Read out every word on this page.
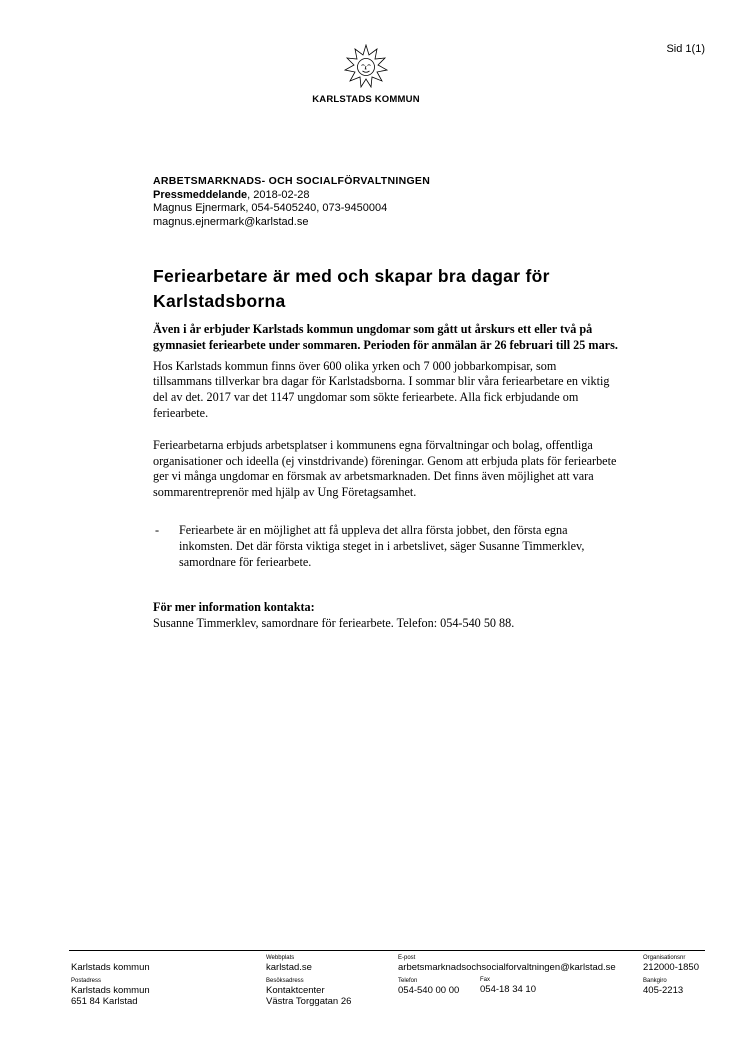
Sid 1(1)
KARLSTADS KOMMUN
ARBETSMARKNADS- OCH SOCIALFÖRVALTNINGEN
Pressmeddelande, 2018-02-28
Magnus Ejnermark, 054-5405240, 073-9450004
magnus.ejnermark@karlstad.se
Feriearbetare är med och skapar bra dagar för Karlstadsborna

Även i år erbjuder Karlstads kommun ungdomar som gått ut årskurs ett eller två på gymnasiet feriearbete under sommaren. Perioden för anmälan är 26 februari till 25 mars.

Hos Karlstads kommun finns över 600 olika yrken och 7 000 jobbarkompisar, som tillsammans tillverkar bra dagar för Karlstadsborna. I sommar blir våra feriearbetare en viktig del av det. 2017 var det 1147 ungdomar som sökte feriearbete. Alla fick erbjudande om feriearbete.

Feriearbetarna erbjuds arbetsplatser i kommunens egna förvaltningar och bolag, offentliga organisationer och ideella (ej vinstdrivande) föreningar. Genom att erbjuda plats för feriearbete ger vi många ungdomar en försmak av arbetsmarknaden. Det finns även möjlighet att vara sommarentreprenör med hjälp av Ung Företagsamhet.

- Feriearbete är en möjlighet att få uppleva det allra första jobbet, den första egna inkomsten. Det där första viktiga steget in i arbetslivet, säger Susanne Timmerklev, samordnare för feriearbete.

För mer information kontakta:
Susanne Timmerklev, samordnare för feriearbete. Telefon: 054-540 50 88.
Karlstads kommun
Postadress
Karlstads kommun
651 84 Karlstad
Webbplats
karlstad.se
Besöksadress
Kontaktcenter
Västra Torggatan 26
E-post
arbetsmarknadsochsocialforvaltningen@karlstad.se
Telefon
054-540 00 00
Fax
054-18 34 10
Organisationsnr
212000-1850
Bankgiro
405-2213
